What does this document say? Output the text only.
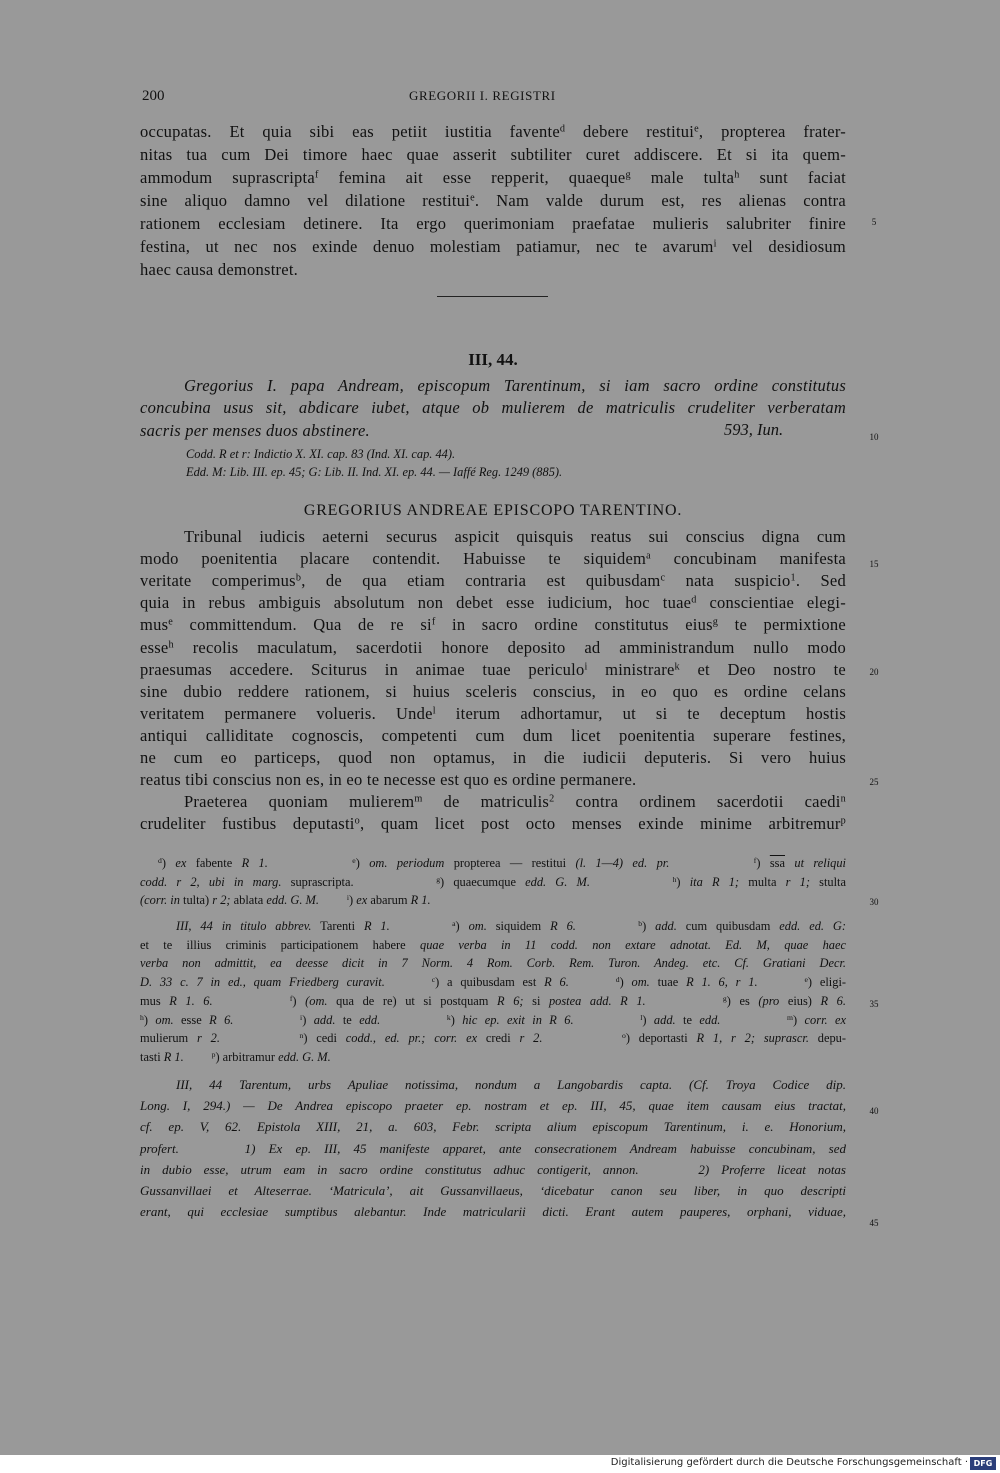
200	GREGORII I. REGISTRI
occupatas. Et quia sibi eas petiit iustitia favente$^d$ debere restitui$^e$, propterea frater-
nitas tua cum Dei timore haec quae asserit subtiliter curet addiscere. Et si ita quem-
ammodum suprascripta$^f$ femina ait esse repperit, quaeque$^g$ male tulta$^h$ sunt faciat
sine aliquo damno vel dilatione restitui$^e$. Nam valde durum est, res alienas contra
rationem ecclesiam detinere. Ita ergo querimoniam praefatae mulieris salubriter finire
festina, ut nec nos exinde denuo molestiam patiamur, nec te avarum$^i$ vel desidiosum
haec causa demonstret.
III, 44.
Gregorius I. papa Andream, episcopum Tarentinum, si iam sacro ordine constitutus
concubina usus sit, abdicare iubet, atque ob mulierem de matriculis crudeliter verberatam
sacris per menses duos abstinere.	593, Iun.
Codd. R et r: Indictio X. XI. cap. 83 (Ind. XI. cap. 44).
Edd. M: Lib. III. ep. 45; G: Lib. II. Ind. XI. ep. 44. — Iaffé Reg. 1249 (885).
GREGORIUS ANDREAE EPISCOPO TARENTINO.
Tribunal iudicis aeterni securus aspicit quisquis reatus sui conscius digna cum
modo poenitentia placare contendit. Habuisse te siquidem$^a$ concubinam manifesta
veritate comperimus$^b$, de qua etiam contraria est quibusdam$^c$ nata suspicio$^1$. Sed
quia in rebus ambiguis absolutum non debet esse iudicium, hoc tuae$^d$ conscientiae elegi-
mus$^e$ committendum. Qua de re $si^f$ in sacro ordine constitutus eius$^g$ te permixtione
esse$^h$ recolis maculatum, sacerdotii honore deposito ad amministrandum nullo modo
praesumas accedere. Sciturus in animae tuae periculo$^i$ ministrare$^k$ et Deo nostro te
sine dubio reddere rationem, si huius sceleris conscius, in eo quo es ordine celans
veritatem permanere volueris. Unde$^l$ iterum adhortamur, ut si te deceptum hostis
antiqui calliditate cognoscis, competenti cum dum licet poenitentia superare festines,
ne cum eo particeps, quod non optamus, in die iudicii deputeris. Si vero huius
reatus tibi conscius non es, in eo te necesse est quo es ordine permanere.
Praeterea quoniam mulierem$^m$ de matriculis$^2$ contra ordinem sacerdotii caedi$^n$
crudeliter fustibus deputasti$^o$, quam licet post octo menses exinde minime arbitremur$^p$
$^d$) ex fabente R 1.	$^e$) om. periodum propterea — restitui (l. 1—4) ed. pr.	$^f$) $\overline{ssa}$ ut reliqui
codd. r 2, ubi in marg. suprascripta.         $^g$) quaecumque edd. G. M.	$^h$) ita R 1; multa r 1; stulta
(corr. in tulta) r 2; ablata edd. G. M.	$^i$) ex abarum R 1.
III, 44 in titulo abbrev. Tarenti R 1.	$^a$) om. siquidem R 6.	$^b$) add. cum quibusdam edd. ed. G:
et te illius criminis participationem habere quae verba in 11 codd. non extare adnotat. Ed. M, quae haec
verba non admittit, ea deesse dicit in 7 Norm. 4 Rom. Corb. Rem. Turon. Andeg. etc. Cf. Gratiani Decr.
D. 33 c. 7 in ed., quam Friedberg curavit.	$^c$) a quibusdam est R 6.	$^d$) om. tuae R 1. 6, r 1.	$^e$) eligi-
mus R 1. 6.	$^f$) (om. qua de re) ut si postquam R 6; si postea add. R 1.	$^g$) es (pro eius) R 6.
$^h$) om. esse R 6.	$^i$) add. te edd.	$^k$) hic ep. exit in R 6.	$^l$) add. te edd.	$^m$) corr. ex
mulierum r 2.	$^n$) cedi codd., ed. pr.; corr. ex credi r 2.	$^o$) deportasti R 1, r 2; suprascr. depu-
tasti R 1.	$^p$) arbitramur edd. G. M.
III, 44 Tarentum, urbs Apuliae notissima, nondum a Langobardis capta. (Cf. Troya Codice dip.
Long. I, 294.) — De Andrea episcopo praeter ep. nostram et ep. III, 45, quae item causam eius tractat,
cf. ep. V, 62. Epistola XIII, 21, a. 603, Febr. scripta alium episcopum Tarentinum, i. e. Honorium,
profert.     1) Ex ep. III, 45 manifeste apparet, ante consecrationem Andream habuisse concubinam, sed
in dubio esse, utrum eam in sacro ordine constitutus adhuc contigerit, annon.     2) Proferre liceat notas
Gussanvillaei et Alteserrae. ‘Matricula’, ait Gussanvillaeus, ‘dicebatur canon seu liber, in quo descripti
erant, qui ecclesiae sumptibus alebantur. Inde matricularii dicti. Erant autem pauperes, orphani, viduae,
5
10
15
20
25
30
35
40
45
Digitalisierung gefördert durch die Deutsche Forschungsgemeinschaft · DFG
